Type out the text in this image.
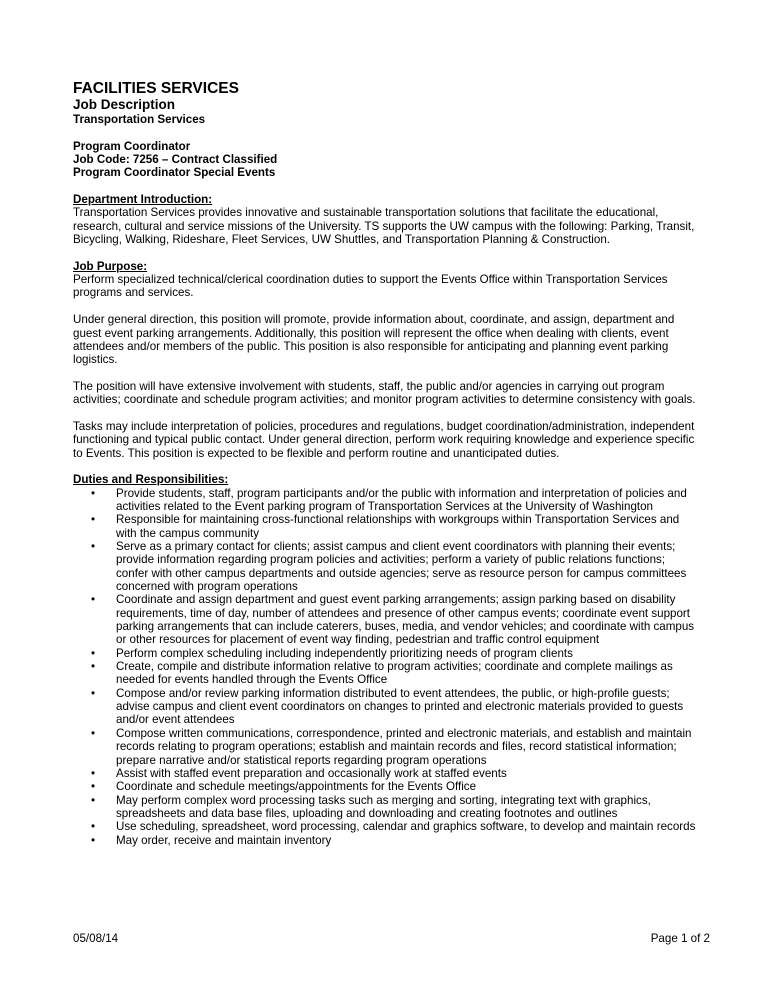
FACILITIES SERVICES
Job Description
Transportation Services
Program Coordinator
Job Code: 7256 – Contract Classified
Program Coordinator Special Events
Department Introduction:
Transportation Services provides innovative and sustainable transportation solutions that facilitate the educational,
research, cultural and service missions of the University. TS supports the UW campus with the following: Parking, Transit,
Bicycling, Walking, Rideshare, Fleet Services, UW Shuttles, and Transportation Planning & Construction.
Job Purpose:
Perform specialized technical/clerical coordination duties to support the Events Office within Transportation Services
programs and services.
Under general direction, this position will promote, provide information about, coordinate, and assign, department and
guest event parking arrangements. Additionally, this position will represent the office when dealing with clients, event
attendees and/or members of the public. This position is also responsible for anticipating and planning event parking
logistics.
The position will have extensive involvement with students, staff, the public and/or agencies in carrying out program
activities; coordinate and schedule program activities; and monitor program activities to determine consistency with goals.
Tasks may include interpretation of policies, procedures and regulations, budget coordination/administration, independent
functioning and typical public contact. Under general direction, perform work requiring knowledge and experience specific
to Events. This position is expected to be flexible and perform routine and unanticipated duties.
Duties and Responsibilities:
• Provide students, staff, program participants and/or the public with information and interpretation of policies and
activities related to the Event parking program of Transportation Services at the University of Washington
• Responsible for maintaining cross-functional relationships with workgroups within Transportation Services and
with the campus community
• Serve as a primary contact for clients; assist campus and client event coordinators with planning their events;
provide information regarding program policies and activities; perform a variety of public relations functions;
confer with other campus departments and outside agencies; serve as resource person for campus committees
concerned with program operations
• Coordinate and assign department and guest event parking arrangements; assign parking based on disability
requirements, time of day, number of attendees and presence of other campus events; coordinate event support
parking arrangements that can include caterers, buses, media, and vendor vehicles; and coordinate with campus
or other resources for placement of event way finding, pedestrian and traffic control equipment
• Perform complex scheduling including independently prioritizing needs of program clients
• Create, compile and distribute information relative to program activities; coordinate and complete mailings as
needed for events handled through the Events Office
• Compose and/or review parking information distributed to event attendees, the public, or high-profile guests;
advise campus and client event coordinators on changes to printed and electronic materials provided to guests
and/or event attendees
• Compose written communications, correspondence, printed and electronic materials, and establish and maintain
records relating to program operations; establish and maintain records and files, record statistical information;
prepare narrative and/or statistical reports regarding program operations
• Assist with staffed event preparation and occasionally work at staffed events
• Coordinate and schedule meetings/appointments for the Events Office
• May perform complex word processing tasks such as merging and sorting, integrating text with graphics,
spreadsheets and data base files, uploading and downloading and creating footnotes and outlines
• Use scheduling, spreadsheet, word processing, calendar and graphics software, to develop and maintain records
• May order, receive and maintain inventory
05/08/14	Page 1 of 2
